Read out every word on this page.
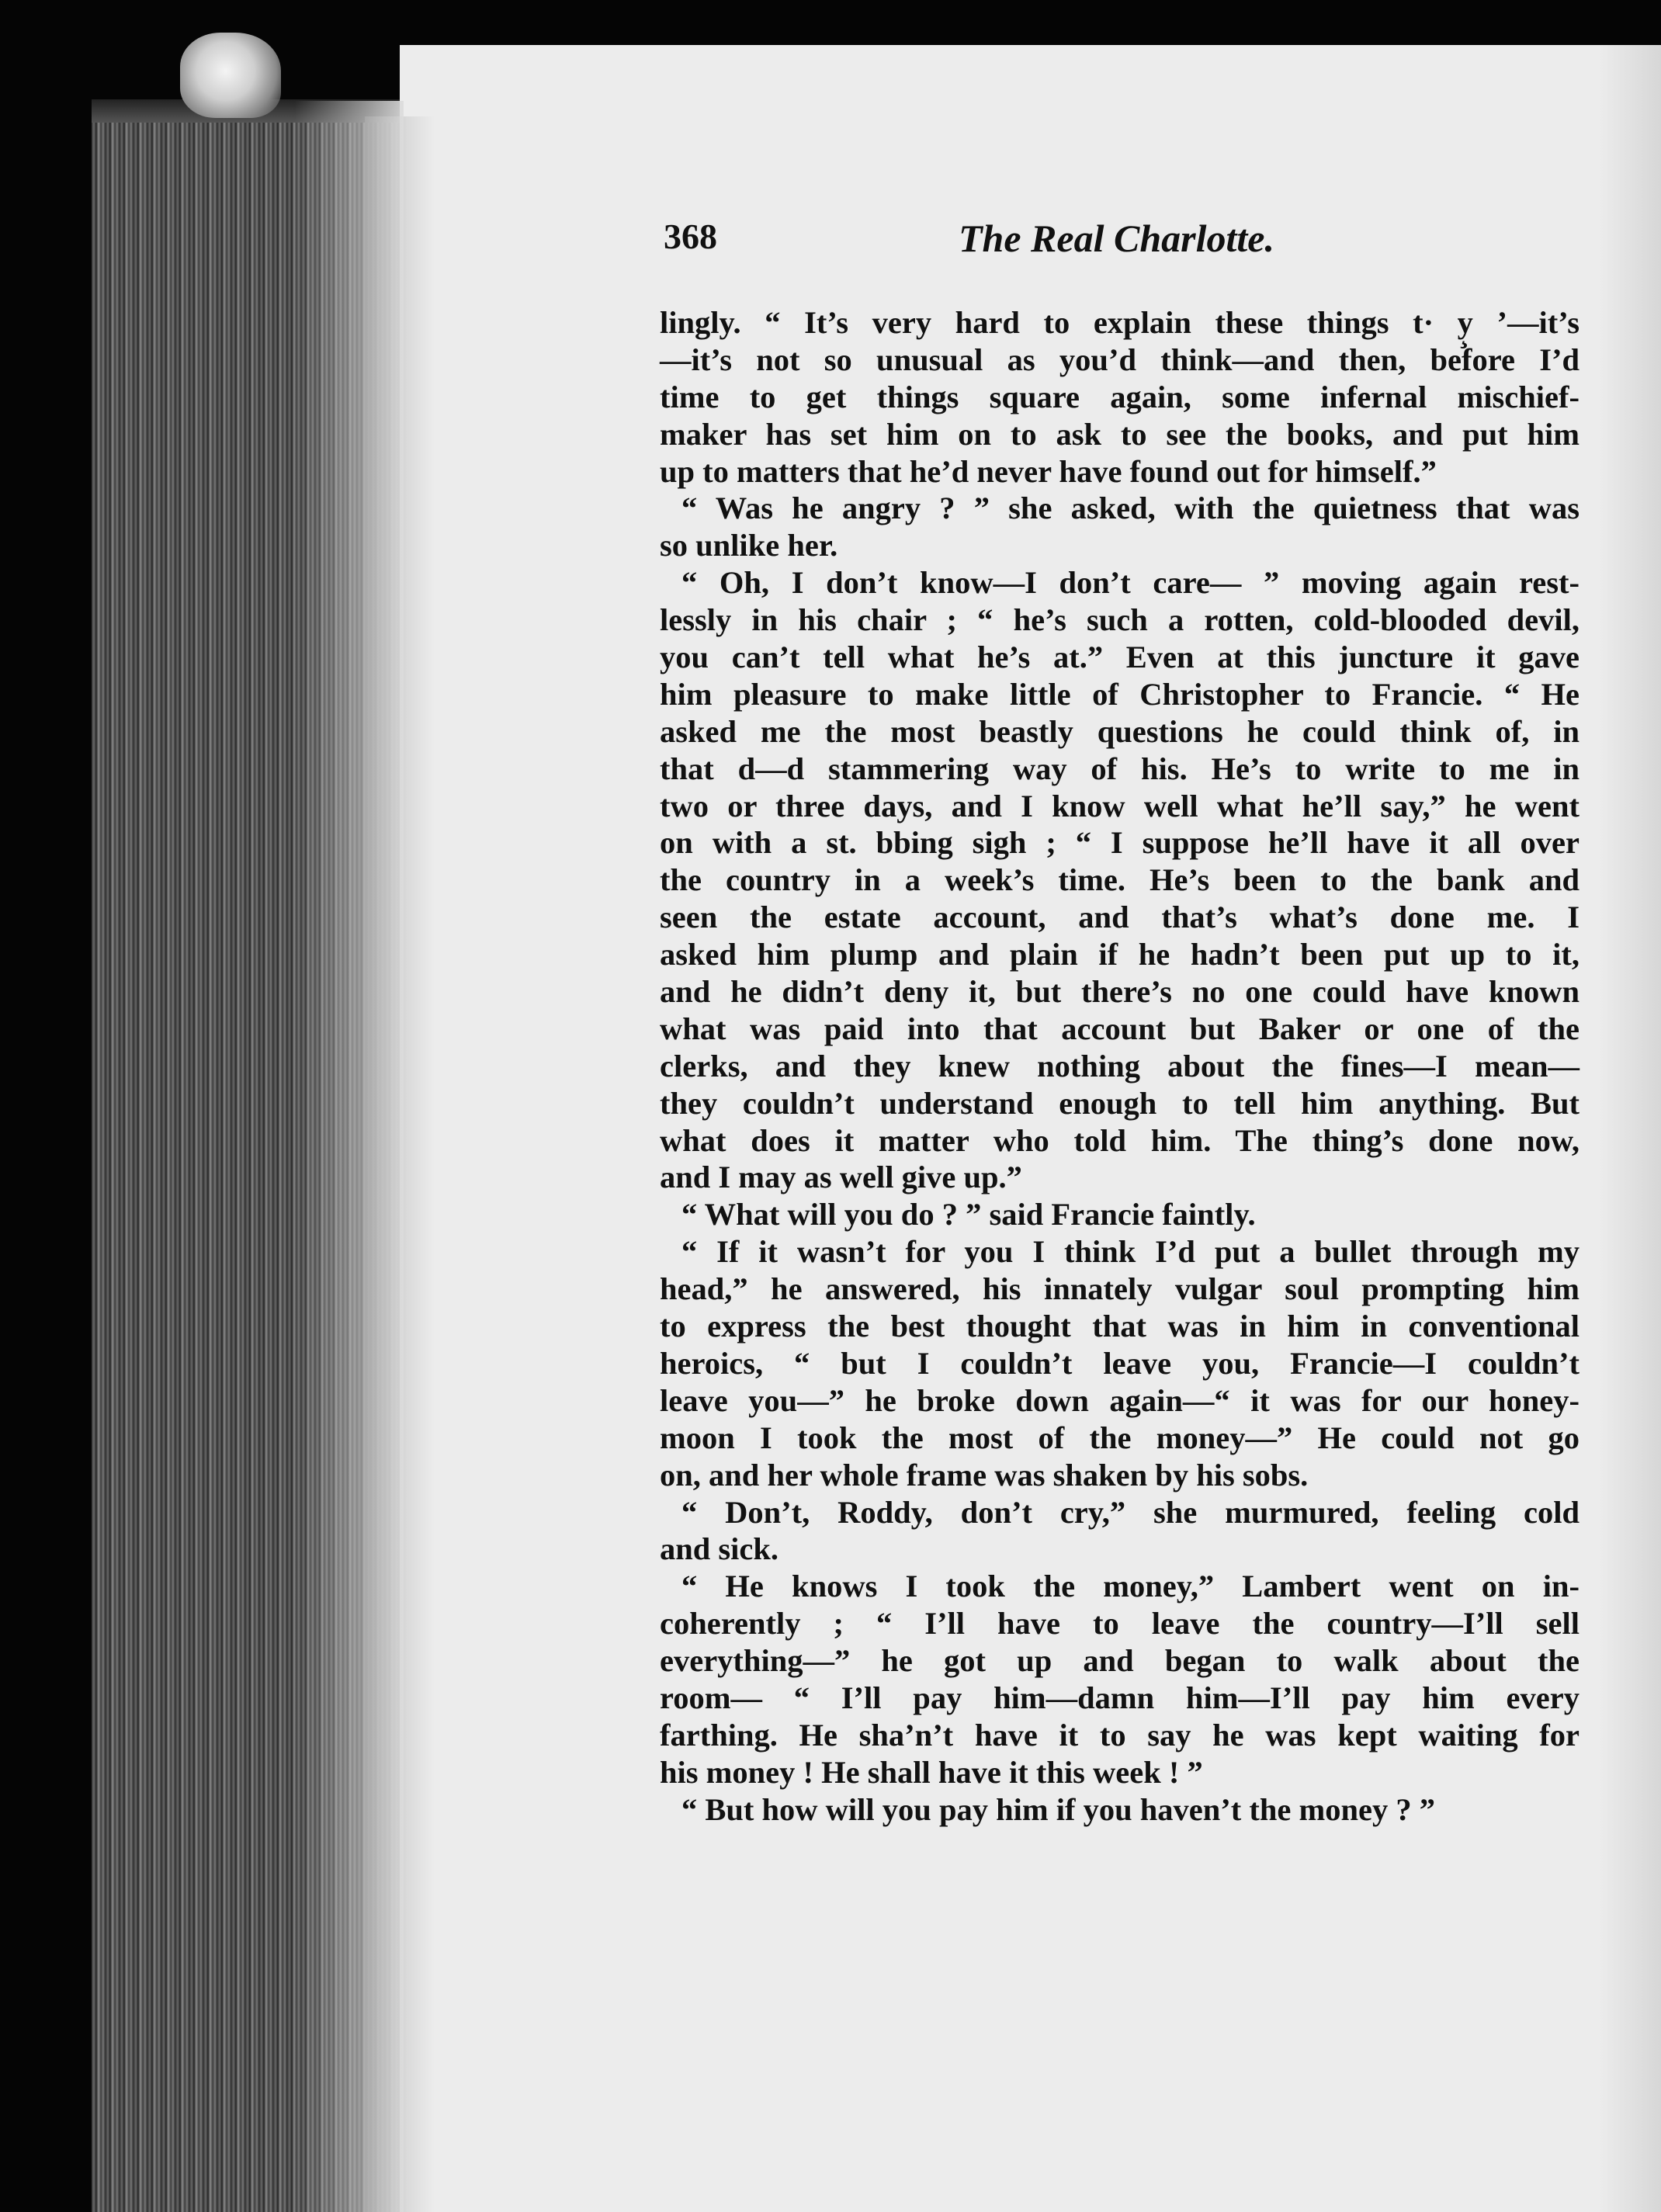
368	The Real Charlotte.
lingly. “ It’s very hard to explain these things t· y̧ ’—it’s
—it’s not so unusual as you’d think—and then, before I’d
time to get things square again, some infernal mischief-
maker has set him on to ask to see the books, and put him
up to matters that he’d never have found out for himself.”
“ Was he angry ? ” she asked, with the quietness that was
so unlike her.
“ Oh, I don’t know—I don’t care— ” moving again rest-
lessly in his chair ; “ he’s such a rotten, cold-blooded devil,
you can’t tell what he’s at.” Even at this juncture it gave
him pleasure to make little of Christopher to Francie. “ He
asked me the most beastly questions he could think of, in
that d—d stammering way of his. He’s to write to me in
two or three days, and I know well what he’ll say,” he went
on with a st. bbing sigh ; “ I suppose he’ll have it all over
the country in a week’s time. He’s been to the bank and
seen the estate account, and that’s what’s done me. I
asked him plump and plain if he hadn’t been put up to it,
and he didn’t deny it, but there’s no one could have known
what was paid into that account but Baker or one of the
clerks, and they knew nothing about the fines—I mean—
they couldn’t understand enough to tell him anything. But
what does it matter who told him. The thing’s done now,
and I may as well give up.”
“ What will you do ? ” said Francie faintly.
“ If it wasn’t for you I think I’d put a bullet through my
head,” he answered, his innately vulgar soul prompting him
to express the best thought that was in him in conventional
heroics, “ but I couldn’t leave you, Francie—I couldn’t
leave you—” he broke down again—“ it was for our honey-
moon I took the most of the money—” He could not go
on, and her whole frame was shaken by his sobs.
“ Don’t, Roddy, don’t cry,” she murmured, feeling cold
and sick.
“ He knows I took the money,” Lambert went on in-
coherently ; “ I’ll have to leave the country—I’ll sell
everything—” he got up and began to walk about the
room— “ I’ll pay him—damn him—I’ll pay him every
farthing. He sha’n’t have it to say he was kept waiting for
his money ! He shall have it this week ! ”
“ But how will you pay him if you haven’t the money ? ”
